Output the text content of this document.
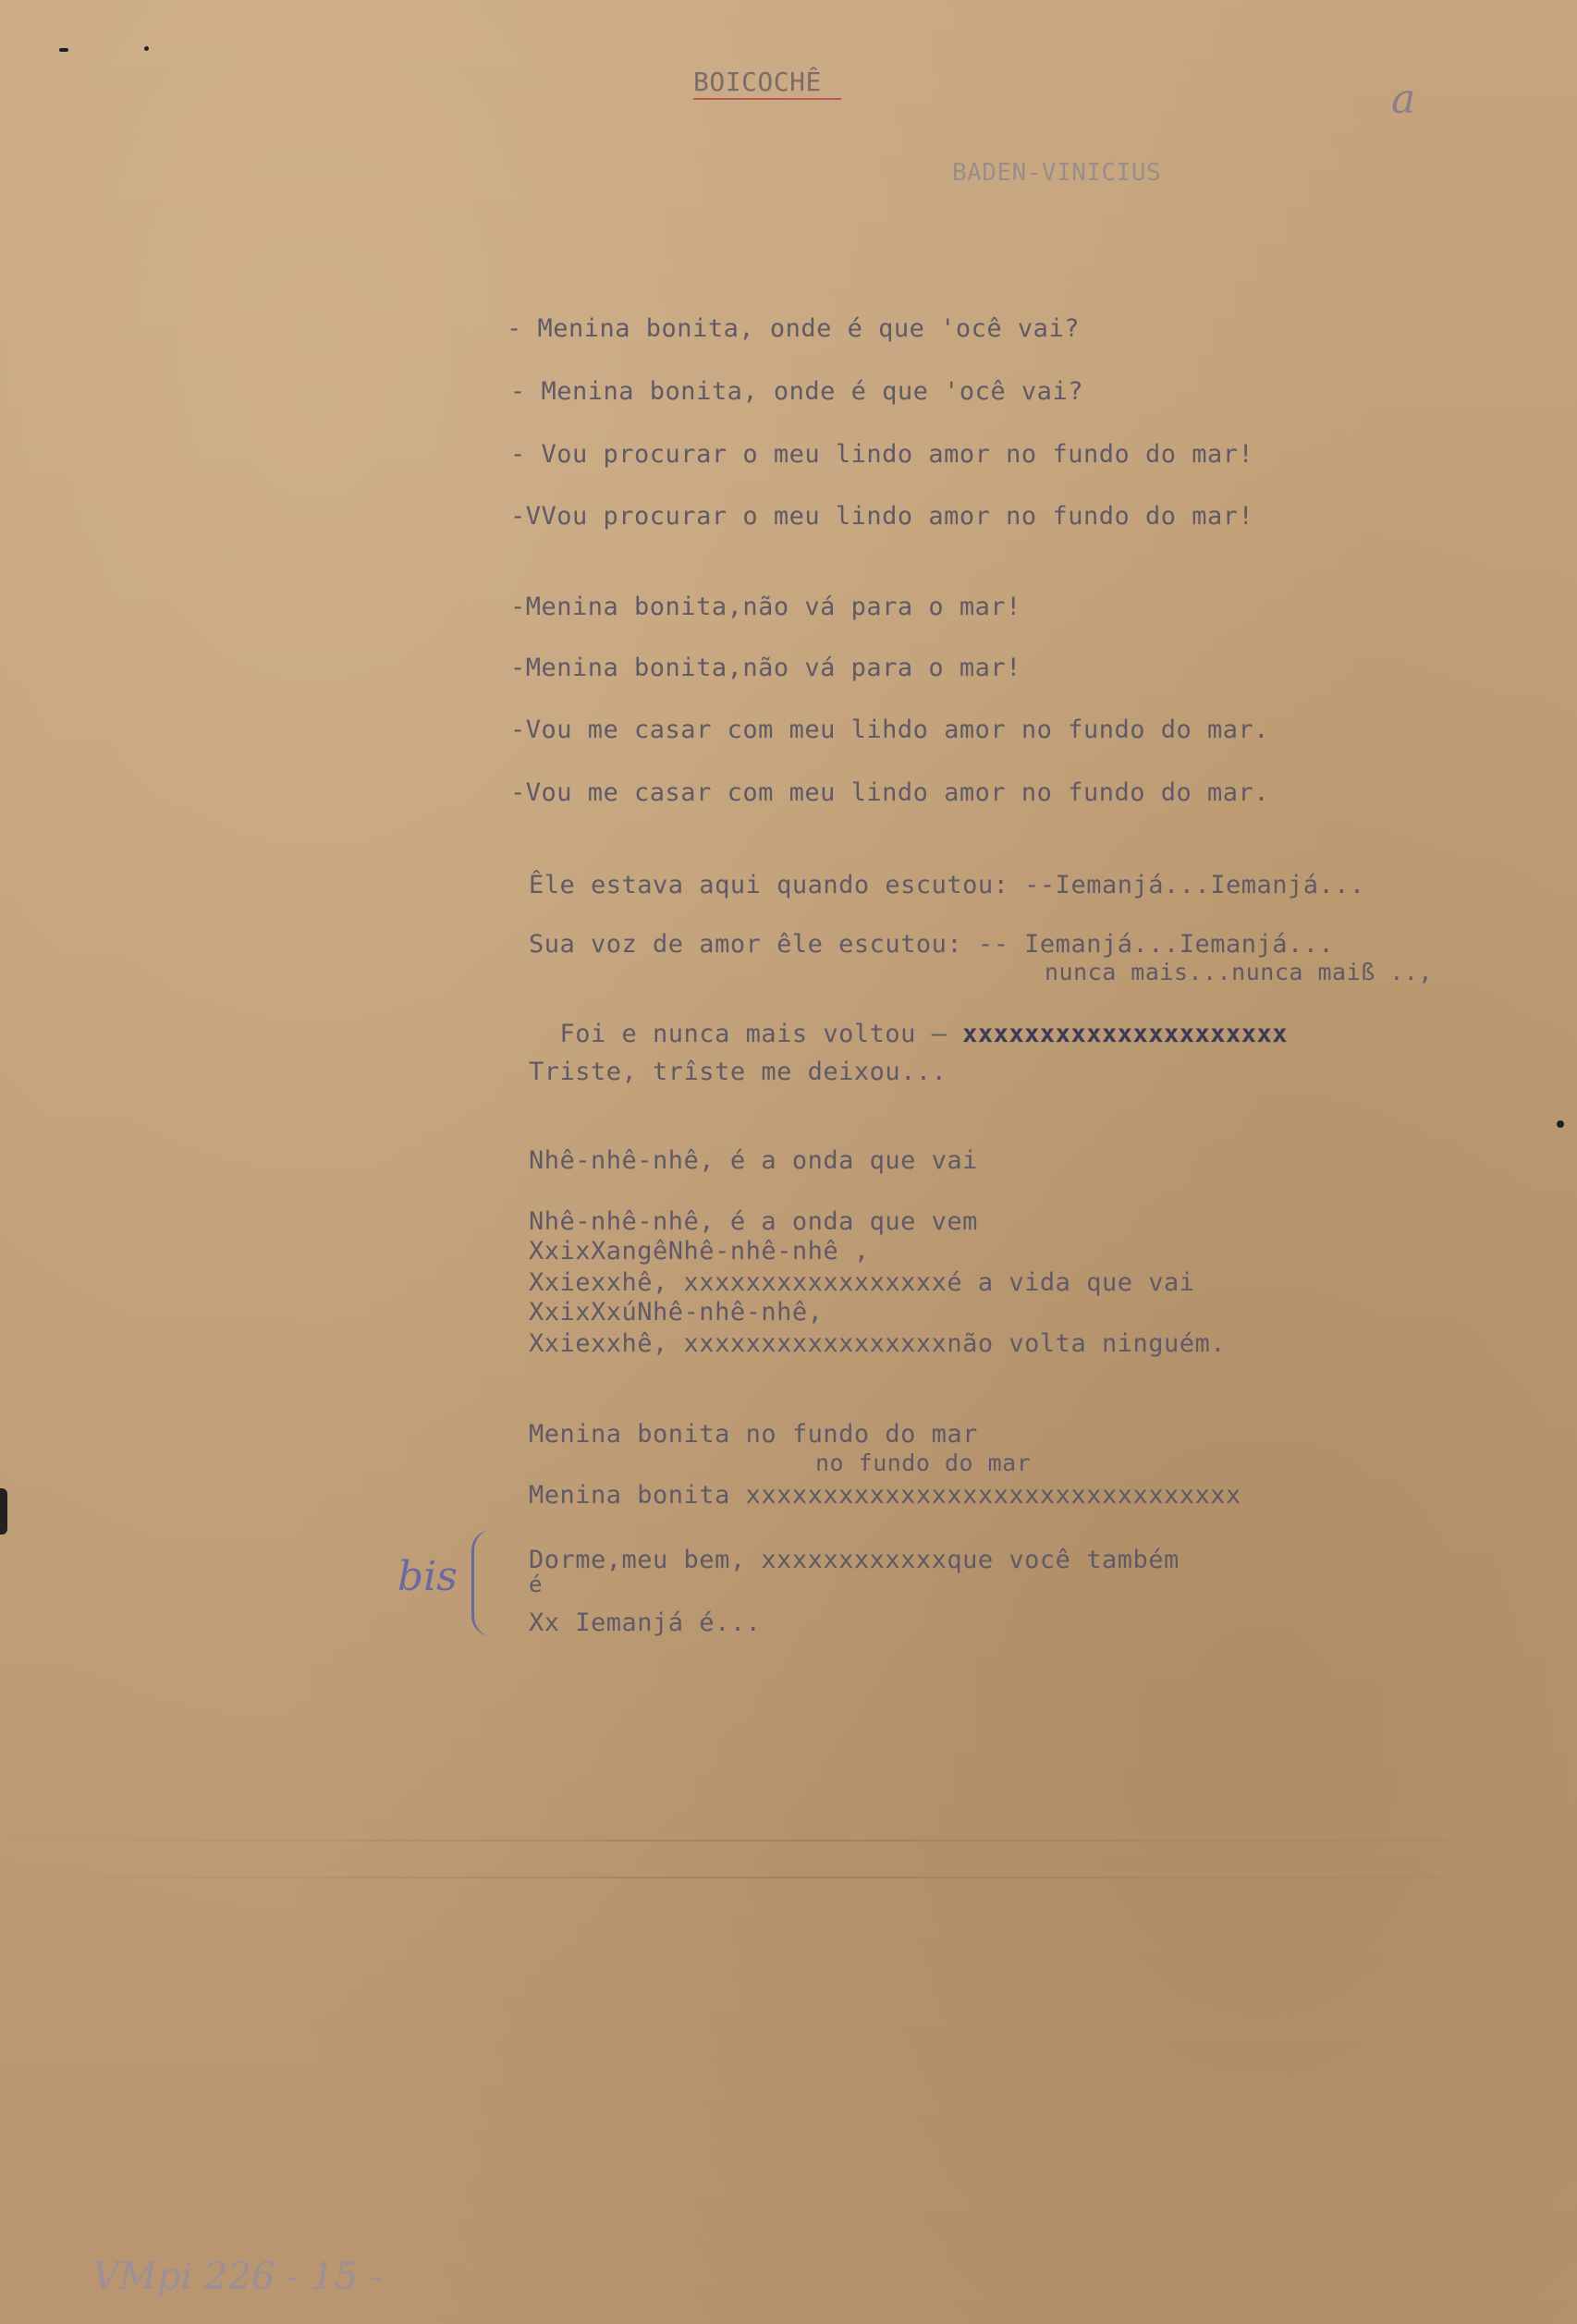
BOICOCHÊ	a
BADEN-VINICIUS
- Menina bonita, onde é que 'ocê vai?
- Menina bonita, onde é que 'ocê vai?
- Vou procurar o meu lindo amor no fundo do mar!
-VVou procurar o meu lindo amor no fundo do mar!
-Menina bonita,não vá para o mar!
-Menina bonita,não vá para o mar!
-Vou me casar com meu lihdo amor no fundo do mar.
-Vou me casar com meu lindo amor no fundo do mar.
Êle estava aqui quando escutou: --Iemanjá...Iemanjá...
Sua voz de amor êle escutou: -- Iemanjá...Iemanjá...
nunca mais...nunca maiß ..,

Foi e nunca mais voltou — xxxxxxxxxxxxxxxxxxxxx

Triste, trîste me deixou...
Nhê-nhê-nhê, é a onda que vai
Nhê-nhê-nhê, é a onda que vem
XxixXangêNhê-nhê-nhê ,
Xxiexxhê, xxxxxxxxxxxxxxxxxé a vida que vai
XxixXxúNhê-nhê-nhê,
Xxiexxhê, xxxxxxxxxxxxxxxxxnão volta ninguém.
Menina bonita no fundo do mar
no fundo do mar
Menina bonita xxxxxxxxxxxxxxxxxxxxxxxxxxxxxxxx
bis	Dorme,meu bem, xxxxxxxxxxxxque você também
é
Xx Iemanjá é...
VMpi 226 - 15 -
